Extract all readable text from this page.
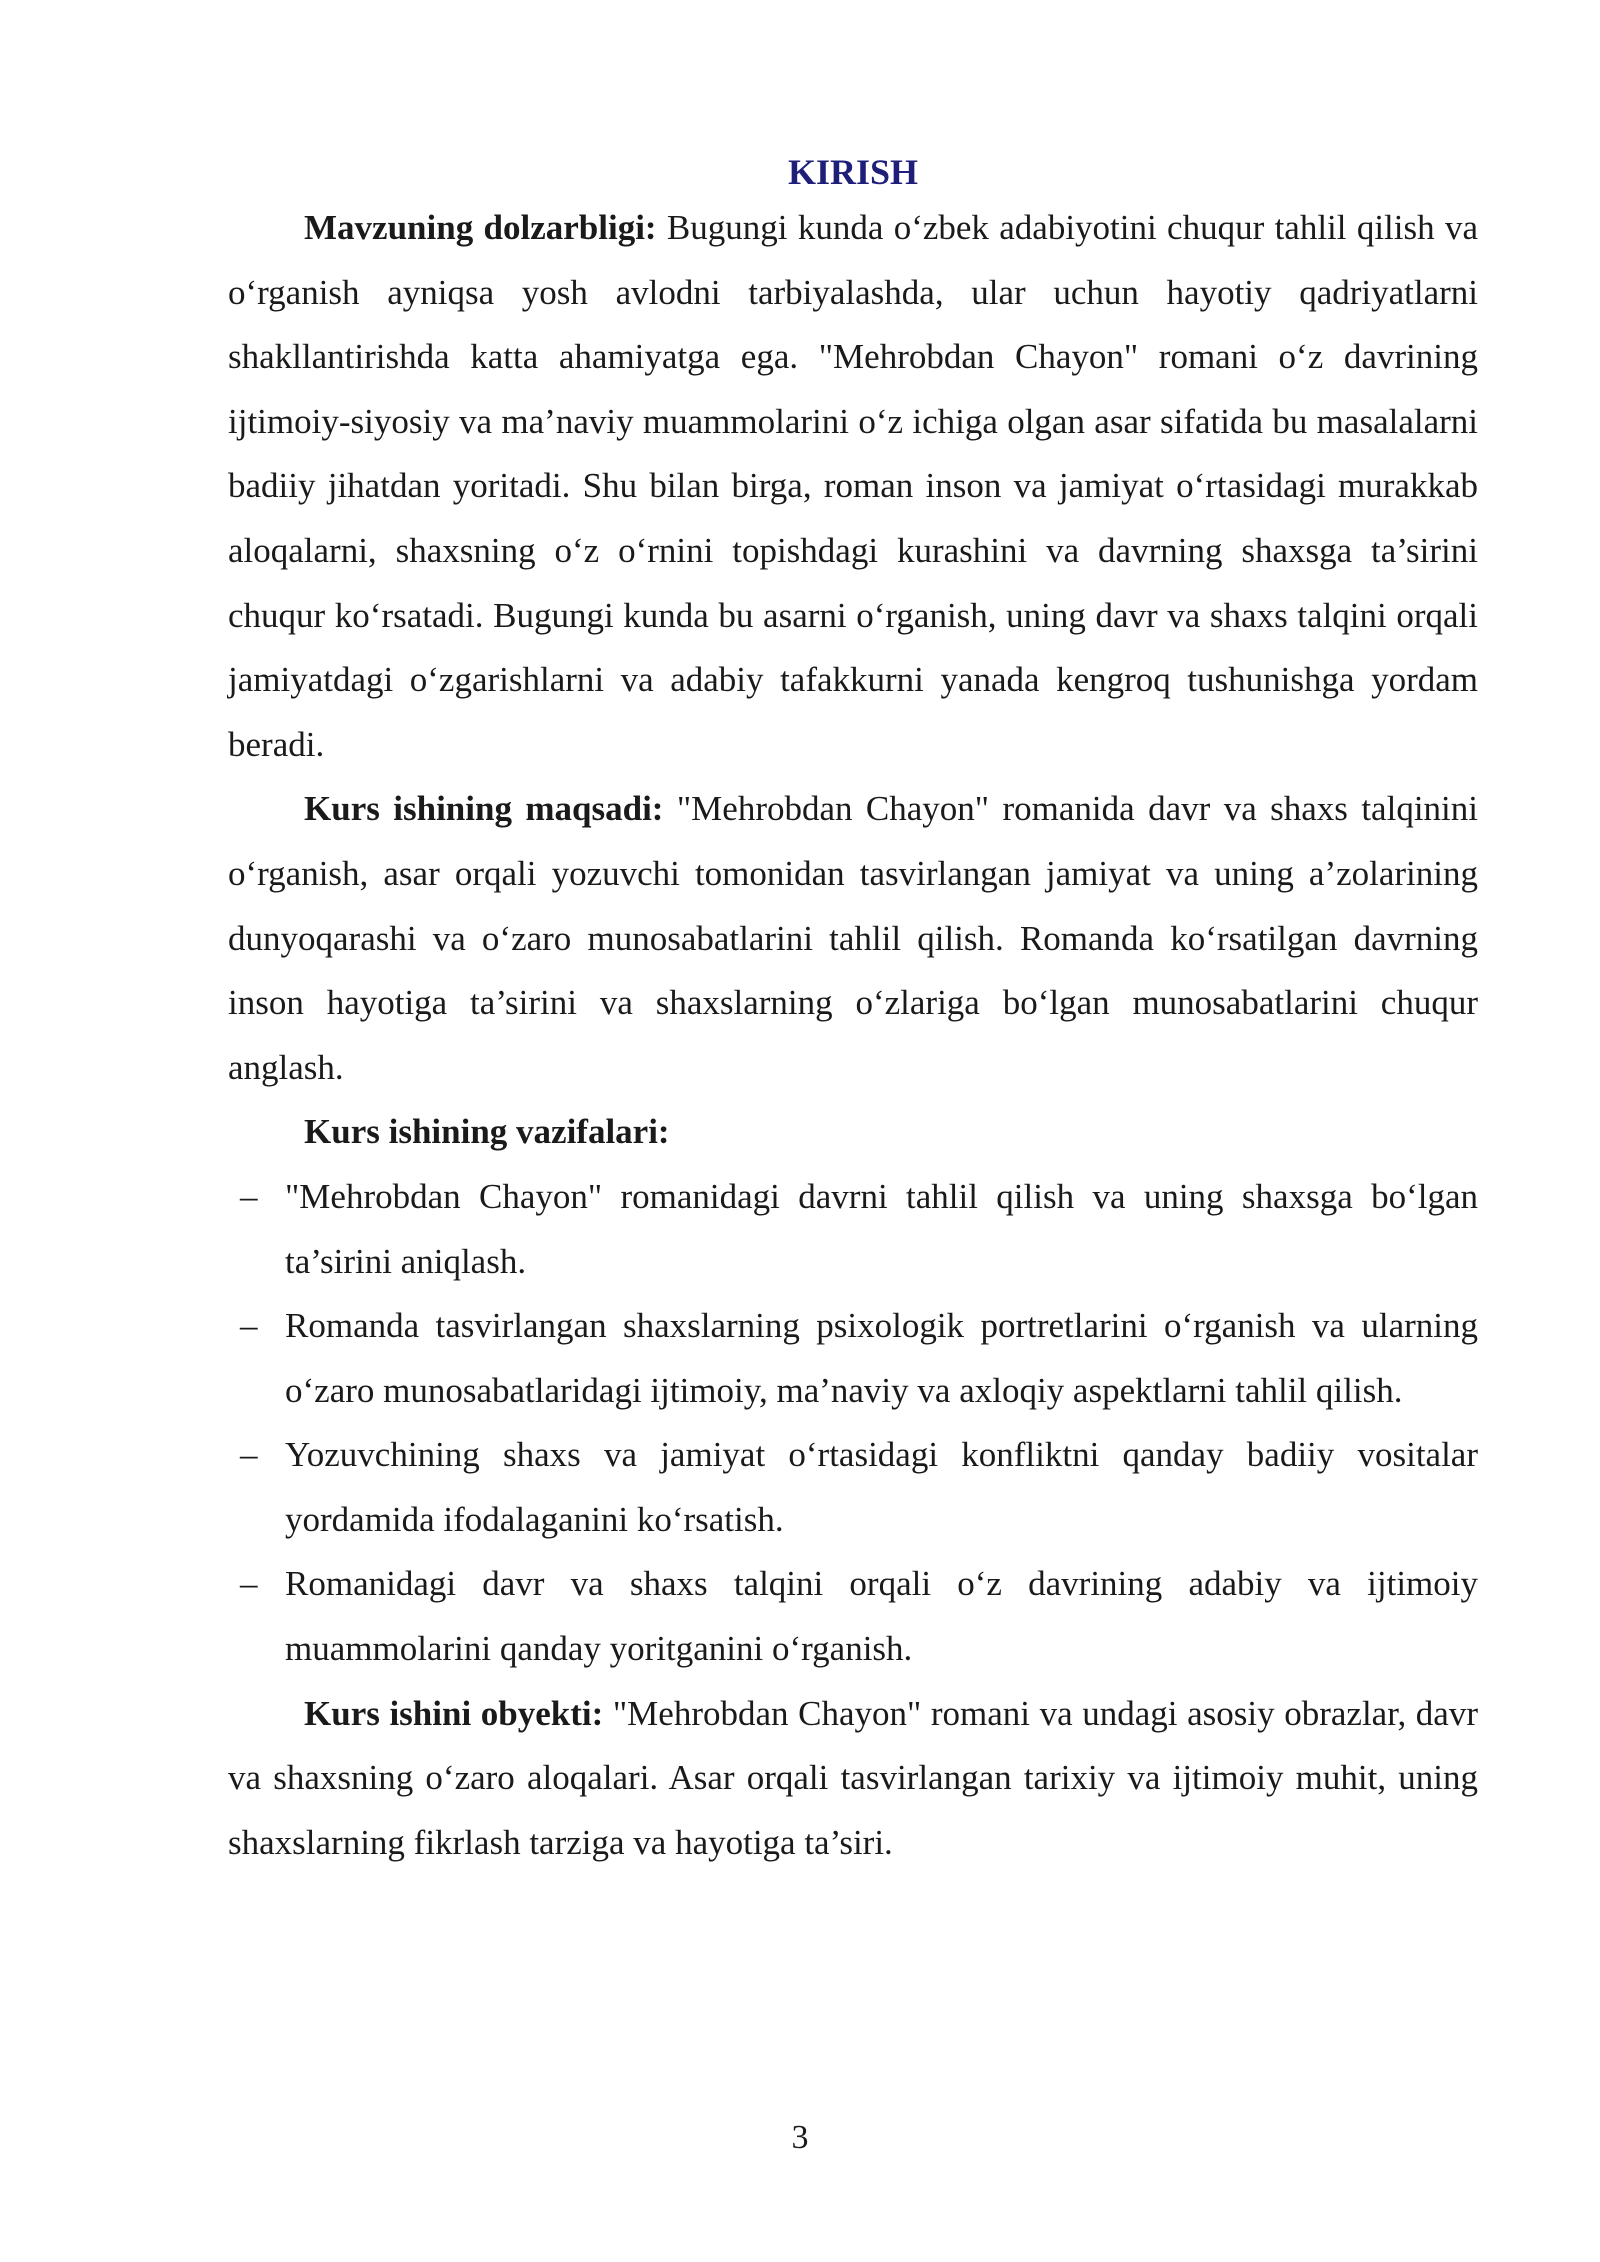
KIRISH

Mavzuning dolzarbligi: Bugungi kunda oʻzbek adabiyotini chuqur tahlil qilish va oʻrganish ayniqsa yosh avlodni tarbiyalashda, ular uchun hayotiy qadriyatlarni shakllantirishda katta ahamiyatga ega. "Mehrobdan Chayon" romani oʻz davrining ijtimoiy-siyosiy va ma’naviy muammolarini oʻz ichiga olgan asar sifatida bu masalalarni badiiy jihatdan yoritadi. Shu bilan birga, roman inson va jamiyat oʻrtasidagi murakkab aloqalarni, shaxsning oʻz oʻrnini topishdagi kurashini va davrning shaxsga ta’sirini chuqur koʻrsatadi. Bugungi kunda bu asarni oʻrganish, uning davr va shaxs talqini orqali jamiyatdagi oʻzgarishlarni va adabiy tafakkurni yanada kengroq tushunishga yordam beradi.

Kurs ishining maqsadi: "Mehrobdan Chayon" romanida davr va shaxs talqinini oʻrganish, asar orqali yozuvchi tomonidan tasvirlangan jamiyat va uning a’zolarining dunyoqarashi va oʻzaro munosabatlarini tahlil qilish. Romanda koʻrsatilgan davrning inson hayotiga ta’sirini va shaxslarning oʻzlariga boʻlgan munosabatlarini chuqur anglash.

Kurs ishining vazifalari:

– "Mehrobdan Chayon" romanidagi davrni tahlil qilish va uning shaxsga boʻlgan ta’sirini aniqlash.
– Romanda tasvirlangan shaxslarning psixologik portretlarini oʻrganish va ularning oʻzaro munosabatlaridagi ijtimoiy, ma’naviy va axloqiy aspektlarni tahlil qilish.
– Yozuvchining shaxs va jamiyat oʻrtasidagi konfliktni qanday badiiy vositalar yordamida ifodalaganini koʻrsatish.
– Romanidagi davr va shaxs talqini orqali oʻz davrining adabiy va ijtimoiy muammolarini qanday yoritganini oʻrganish.

Kurs ishini obyekti: "Mehrobdan Chayon" romani va undagi asosiy obrazlar, davr va shaxsning oʻzaro aloqalari. Asar orqali tasvirlangan tarixiy va ijtimoiy muhit, uning shaxslarning fikrlash tarziga va hayotiga ta’siri.

3
